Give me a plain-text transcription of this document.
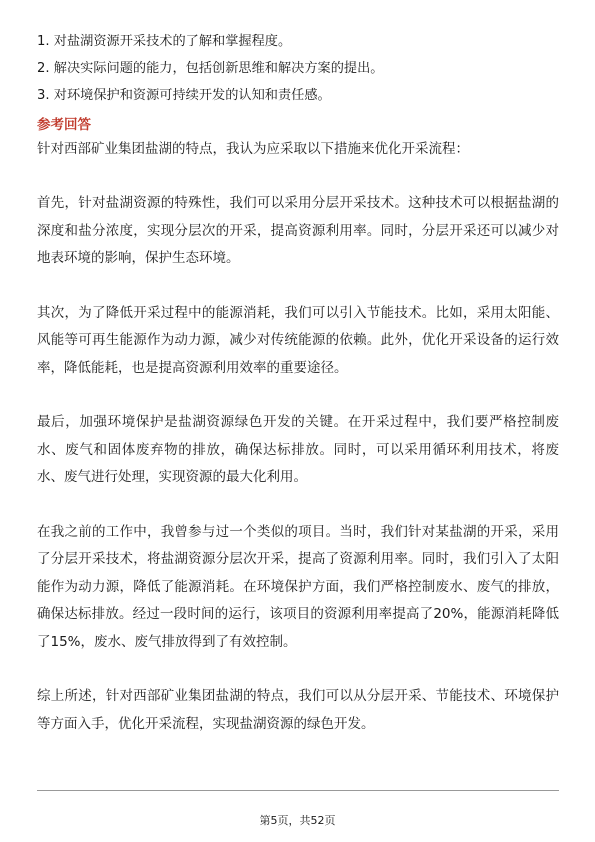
1. 对盐湖资源开采技术的了解和掌握程度。
2. 解决实际问题的能力，包括创新思维和解决方案的提出。
3. 对环境保护和资源可持续开发的认知和责任感。
参考回答
针对西部矿业集团盐湖的特点，我认为应采取以下措施来优化开采流程：
首先，针对盐湖资源的特殊性，我们可以采用分层开采技术。这种技术可以根据盐湖的深度和盐分浓度，实现分层次的开采，提高资源利用率。同时，分层开采还可以减少对地表环境的影响，保护生态环境。
其次，为了降低开采过程中的能源消耗，我们可以引入节能技术。比如，采用太阳能、风能等可再生能源作为动力源，减少对传统能源的依赖。此外，优化开采设备的运行效率，降低能耗，也是提高资源利用效率的重要途径。
最后，加强环境保护是盐湖资源绿色开发的关键。在开采过程中，我们要严格控制废水、废气和固体废弃物的排放，确保达标排放。同时，可以采用循环利用技术，将废水、废气进行处理，实现资源的最大化利用。
在我之前的工作中，我曾参与过一个类似的项目。当时，我们针对某盐湖的开采，采用了分层开采技术，将盐湖资源分层次开采，提高了资源利用率。同时，我们引入了太阳能作为动力源，降低了能源消耗。在环境保护方面，我们严格控制废水、废气的排放，确保达标排放。经过一段时间的运行，该项目的资源利用率提高了20%，能源消耗降低了15%，废水、废气排放得到了有效控制。
综上所述，针对西部矿业集团盐湖的特点，我们可以从分层开采、节能技术、环境保护等方面入手，优化开采流程，实现盐湖资源的绿色开发。
第5页，共52页
